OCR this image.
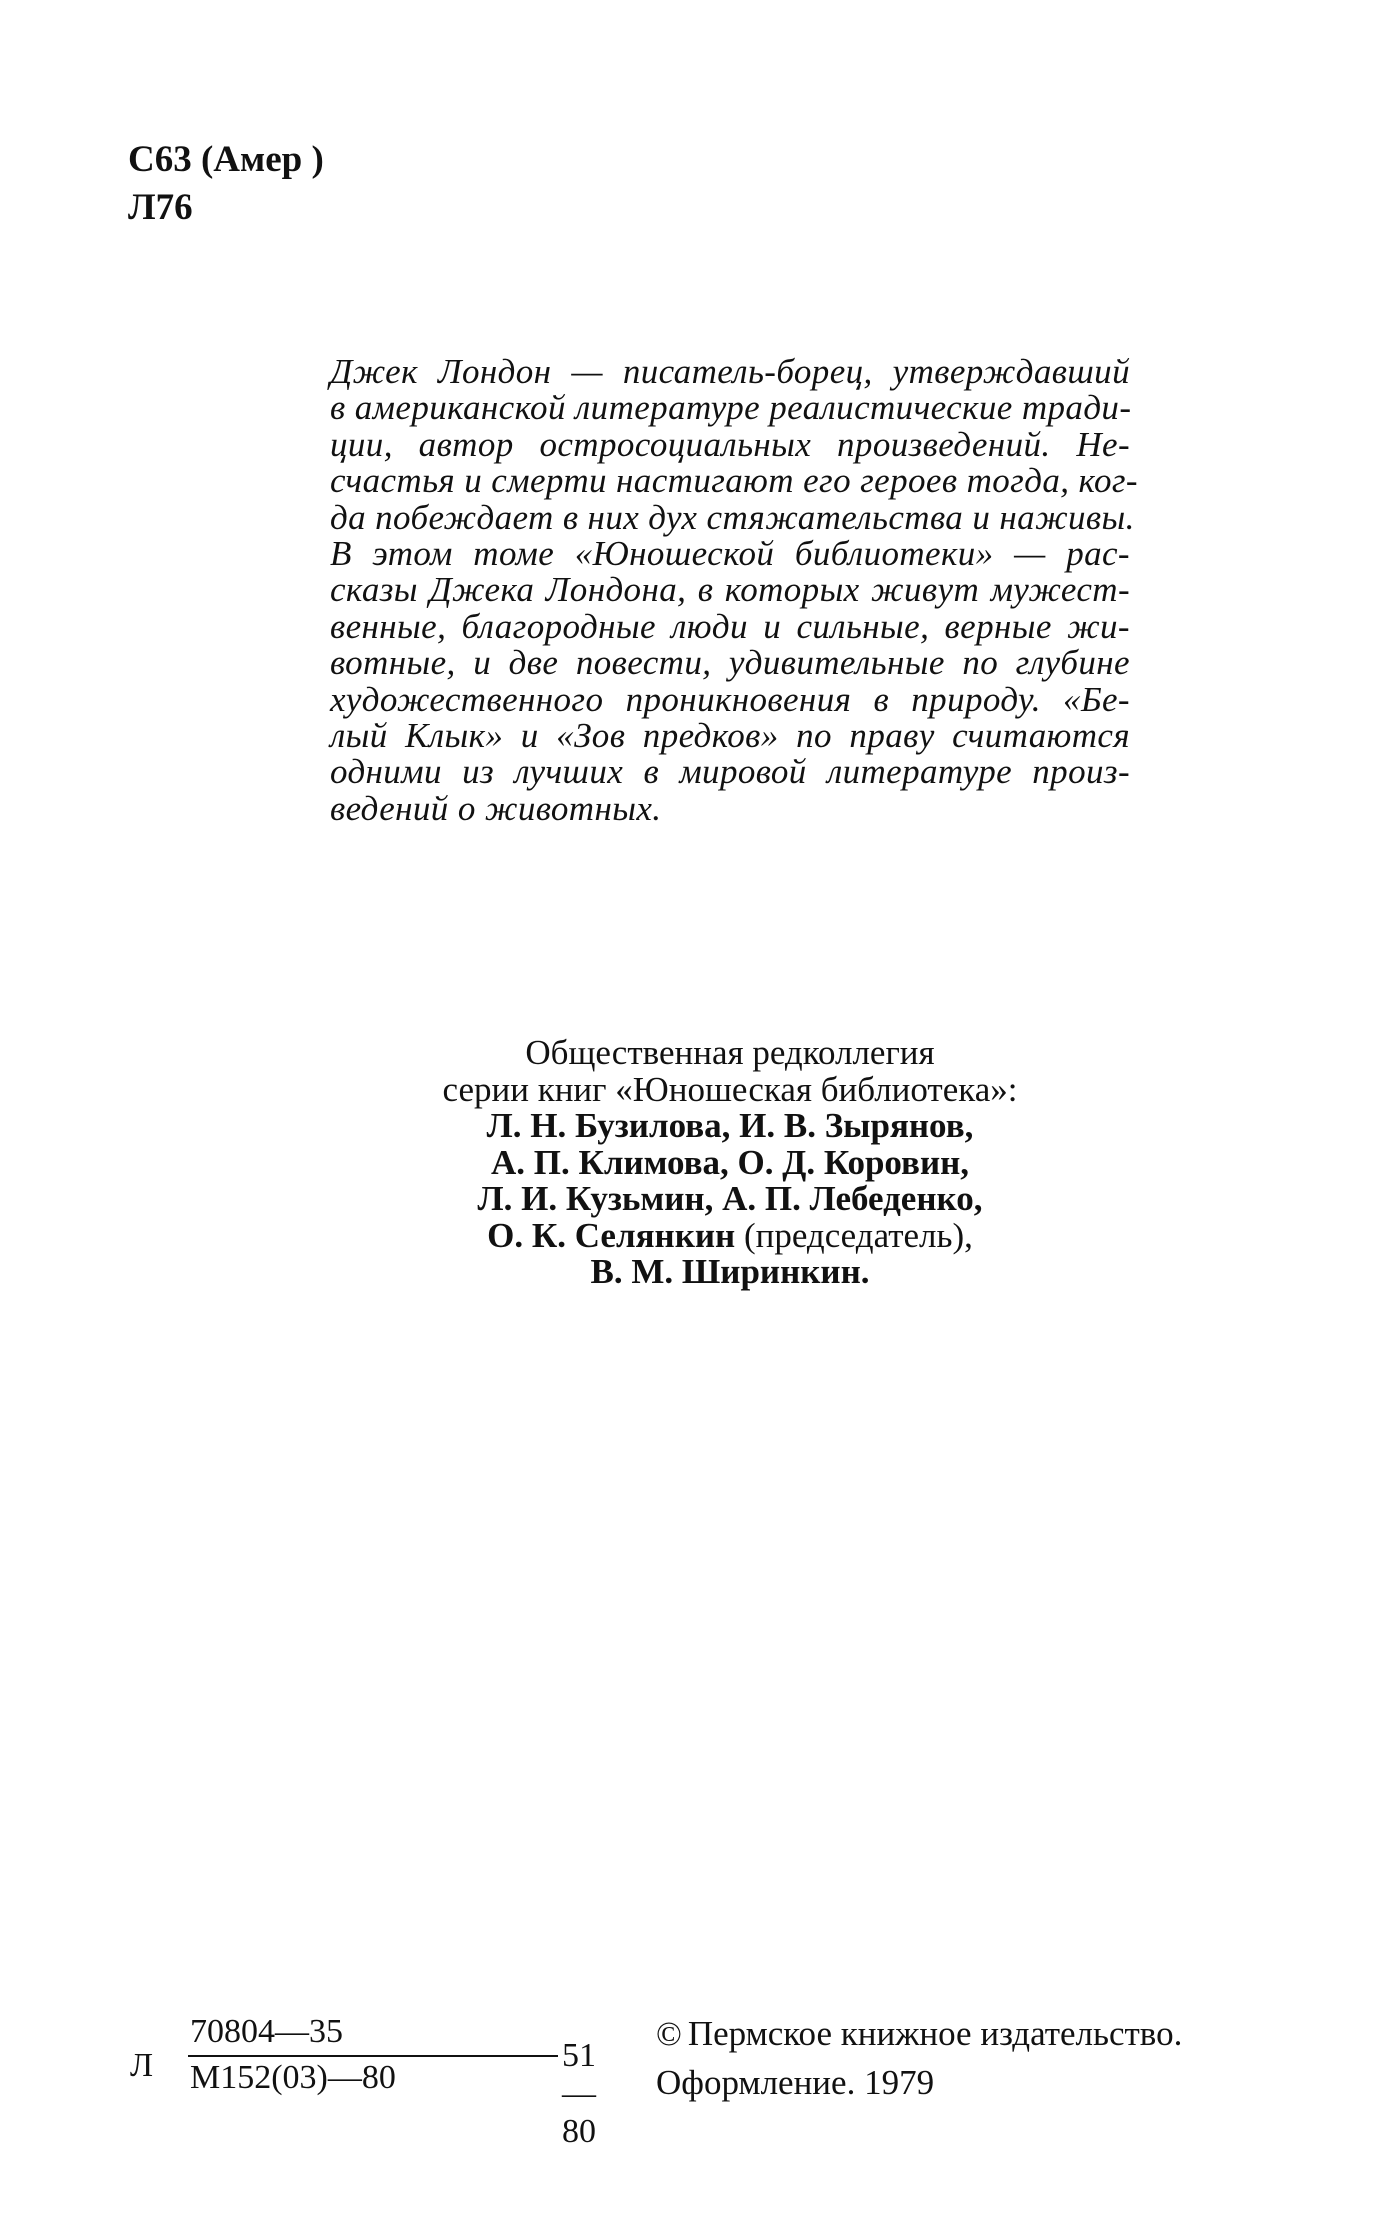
С63 (Амер )
Л76
Джек Лондон — писатель-борец, утверждавший
в американской литературе реалистические тради-
ции, автор остросоциальных произведений. Не-
счастья и смерти настигают его героев тогда, ког-
да побеждает в них дух стяжательства и наживы.
В этом томе «Юношеской библиотеки» — рас-
сказы Джека Лондона, в которых живут мужест-
венные, благородные люди и сильные, верные жи-
вотные, и две повести, удивительные по глубине
художественного проникновения в природу. «Бе-
лый Клык» и «Зов предков» по праву считаются
одними из лучших в мировой литературе произ-
ведений о животных.
Общественная редколлегия
серии книг «Юношеская библиотека»:
Л. Н. Бузилова, И. В. Зырянов,
А. П. Климова, О. Д. Коровин,
Л. И. Кузьмин, А. П. Лебеденко,
О. К. Селянкин (председатель),
В. М. Ширинкин.
Л
70804—35
М152(03)—80
51—80
© Пермское книжное издательство.
Оформление. 1979
